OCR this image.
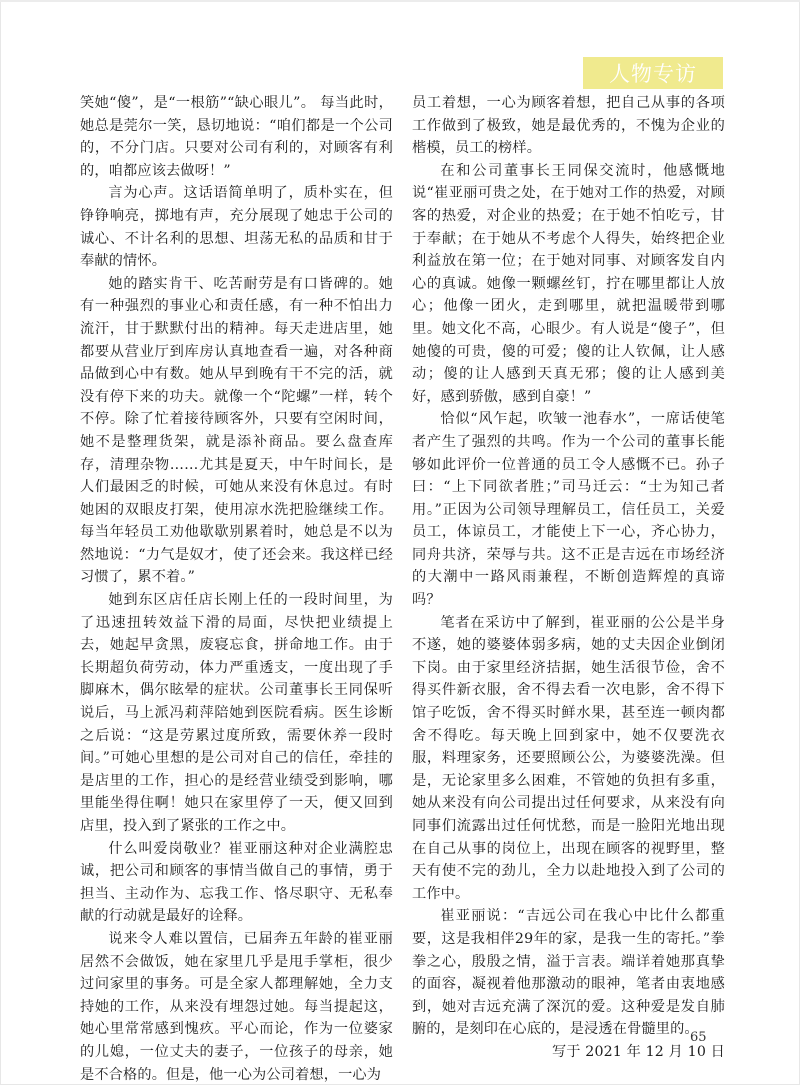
人物专访

笑她“傻”，是“一根筋”“缺心眼儿”。 每当此时，她总是莞尔一笑，恳切地说：“咱们都是一个公司的，不分门店。只要对公司有利的，对顾客有利的，咱都应该去做呀！”

言为心声。这话语简单明了，质朴实在，但铮铮响亮，掷地有声，充分展现了她忠于公司的诚心、不计名利的思想、坦荡无私的品质和甘于奉献的情怀。

她的踏实肯干、吃苦耐劳是有口皆碑的。她有一种强烈的事业心和责任感，有一种不怕出力流汗，甘于默默付出的精神。每天走进店里，她都要从营业厅到库房认真地查看一遍，对各种商品做到心中有数。她从早到晚有干不完的活，就没有停下来的功夫。就像一个“陀螺”一样，转个不停。除了忙着接待顾客外，只要有空闲时间，她不是整理货架，就是添补商品。要么盘查库存，清理杂物……尤其是夏天，中午时间长，是人们最困乏的时候，可她从来没有休息过。有时她困的双眼皮打架，使用凉水洗把脸继续工作。每当年轻员工劝他歇歇别累着时，她总是不以为然地说：“力气是奴才，使了还会来。我这样已经习惯了，累不着。”

她到东区店任店长刚上任的一段时间里，为了迅速扭转效益下滑的局面，尽快把业绩提上去，她起早贪黑，废寝忘食，拼命地工作。由于长期超负荷劳动，体力严重透支，一度出现了手脚麻木，偶尔眩晕的症状。公司董事长王同保听说后，马上派冯莉萍陪她到医院看病。医生诊断之后说：“这是劳累过度所致，需要休养一段时间。”可她心里想的是公司对自己的信任，牵挂的是店里的工作，担心的是经营业绩受到影响，哪里能坐得住啊！她只在家里停了一天，便又回到店里，投入到了紧张的工作之中。

什么叫爱岗敬业？崔亚丽这种对企业满腔忠诚，把公司和顾客的事情当做自己的事情，勇于担当、主动作为、忘我工作、恪尽职守、无私奉献的行动就是最好的诠释。

说来令人难以置信，已届奔五年龄的崔亚丽居然不会做饭，她在家里几乎是甩手掌柜，很少过问家里的事务。可是全家人都理解她，全力支持她的工作，从来没有埋怨过她。每当提起这，她心里常常感到愧疚。平心而论，作为一位婆家的儿媳，一位丈夫的妻子，一位孩子的母亲，她是不合格的。但是，他一心为公司着想，一心为

员工着想，一心为顾客着想，把自己从事的各项工作做到了极致，她是最优秀的，不愧为企业的楷模，员工的榜样。

在和公司董事长王同保交流时，他感慨地说“崔亚丽可贵之处，在于她对工作的热爱，对顾客的热爱，对企业的热爱；在于她不怕吃亏，甘于奉献；在于她从不考虑个人得失，始终把企业利益放在第一位；在于她对同事、对顾客发自内心的真诚。她像一颗螺丝钉，拧在哪里都让人放心；他像一团火，走到哪里，就把温暖带到哪里。她文化不高，心眼少。有人说是“傻子”，但她傻的可贵，傻的可爱；傻的让人钦佩，让人感动；傻的让人感到天真无邪；傻的让人感到美好，感到骄傲，感到自豪！”

恰似“风乍起，吹皱一池春水”，一席话使笔者产生了强烈的共鸣。作为一个公司的董事长能够如此评价一位普通的员工令人感慨不已。孙子曰：“上下同欲者胜；”司马迁云：“士为知己者用。”正因为公司领导理解员工，信任员工，关爱员工，体谅员工，才能使上下一心，齐心协力，同舟共济，荣辱与共。这不正是吉远在市场经济的大潮中一路风雨兼程，不断创造辉煌的真谛吗？

笔者在采访中了解到，崔亚丽的公公是半身不遂，她的婆婆体弱多病，她的丈夫因企业倒闭下岗。由于家里经济拮据，她生活很节俭，舍不得买件新衣服，舍不得去看一次电影，舍不得下馆子吃饭，舍不得买时鲜水果，甚至连一顿肉都舍不得吃。每天晚上回到家中，她不仅要洗衣服，料理家务，还要照顾公公，为婆婆洗澡。但是，无论家里多么困难，不管她的负担有多重，她从来没有向公司提出过任何要求，从来没有向同事们流露出过任何忧愁，而是一脸阳光地出现在自己从事的岗位上，出现在顾客的视野里，整天有使不完的劲儿，全力以赴地投入到了公司的工作中。

崔亚丽说：“吉远公司在我心中比什么都重要，这是我相伴29年的家，是我一生的寄托。”拳拳之心，殷殷之情，溢于言表。端详着她那真挚的面容，凝视着他那激动的眼神，笔者由衷地感到，她对吉远充满了深沉的爱。这种爱是发自肺腑的，是刻印在心底的，是浸透在骨髓里的。

写于 2021 年 12 月 10 日

65
